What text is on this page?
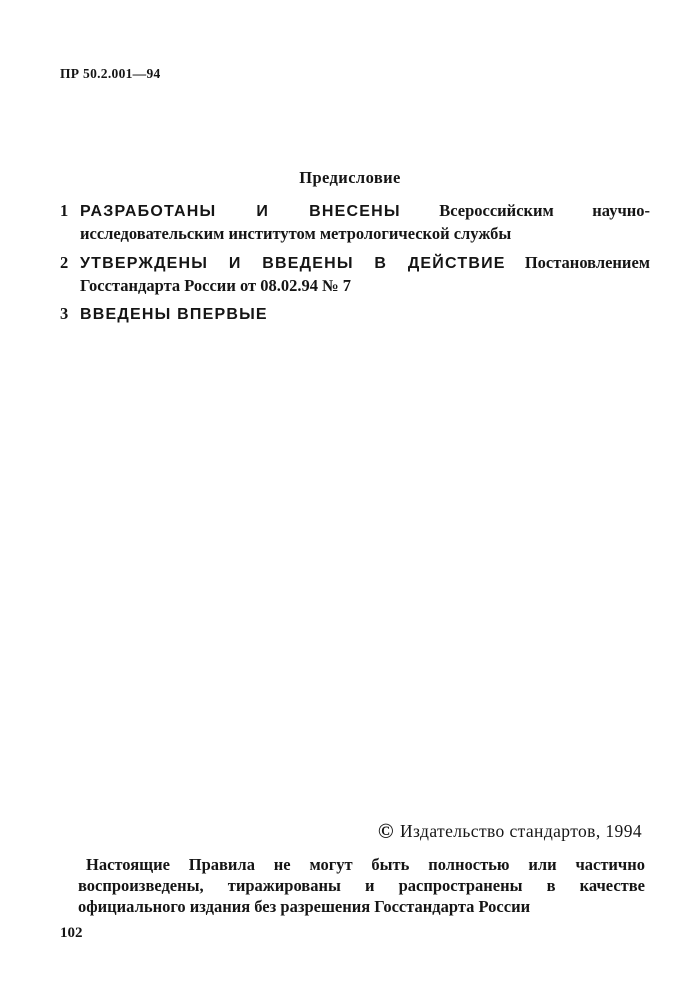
ПР 50.2.001—94
Предисловие
1 РАЗРАБОТАНЫ И ВНЕСЕНЫ Всероссийским научно-исследовательским институтом метрологической службы
2 УТВЕРЖДЕНЫ И ВВЕДЕНЫ В ДЕЙСТВИЕ Постановлением Госстандарта России от 08.02.94 № 7
3 ВВЕДЕНЫ ВПЕРВЫЕ
© Издательство стандартов, 1994
Настоящие Правила не могут быть полностью или частично воспроизведены, тиражированы и распространены в качестве официального издания без разрешения Госстандарта России
102
